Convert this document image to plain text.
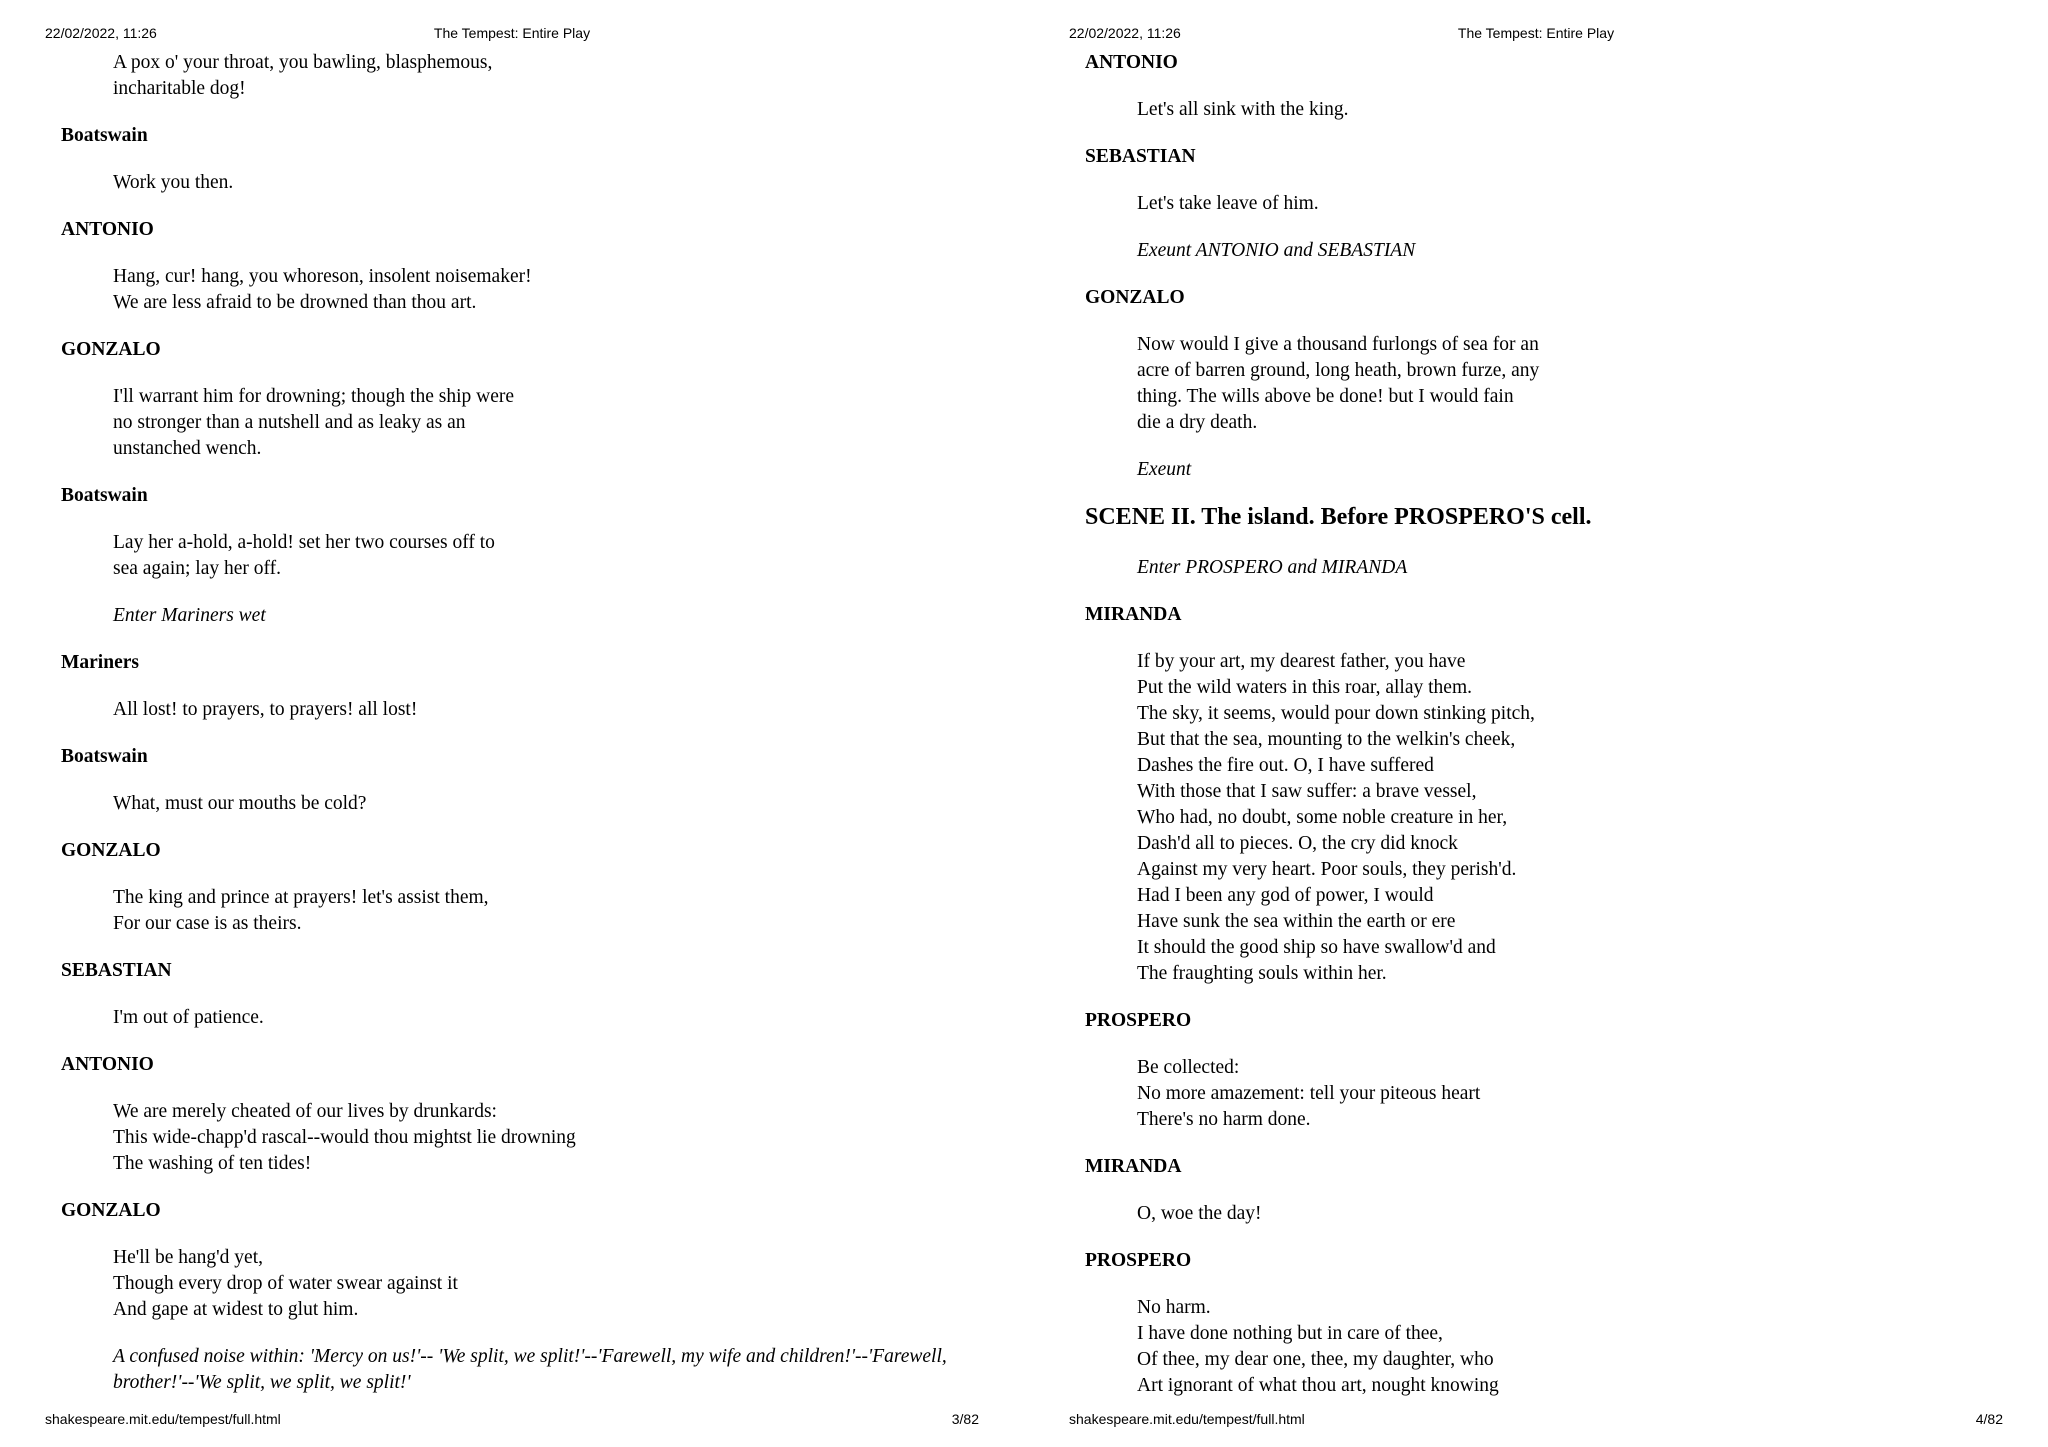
22/02/2022, 11:26	The Tempest: Entire Play
A pox o' your throat, you bawling, blasphemous,
incharitable dog!
Boatswain
Work you then.
ANTONIO
Hang, cur! hang, you whoreson, insolent noisemaker!
We are less afraid to be drowned than thou art.
GONZALO
I'll warrant him for drowning; though the ship were
no stronger than a nutshell and as leaky as an
unstanched wench.
Boatswain
Lay her a-hold, a-hold! set her two courses off to
sea again; lay her off.
Enter Mariners wet
Mariners
All lost! to prayers, to prayers! all lost!
Boatswain
What, must our mouths be cold?
GONZALO
The king and prince at prayers! let's assist them,
For our case is as theirs.
SEBASTIAN
I'm out of patience.
ANTONIO
We are merely cheated of our lives by drunkards:
This wide-chapp'd rascal--would thou mightst lie drowning
The washing of ten tides!
GONZALO
He'll be hang'd yet,
Though every drop of water swear against it
And gape at widest to glut him.
A confused noise within: 'Mercy on us!'-- 'We split, we split!'--'Farewell, my wife and children!'--'Farewell, brother!'--'We split, we split, we split!'
shakespeare.mit.edu/tempest/full.html	3/82
22/02/2022, 11:26	The Tempest: Entire Play
ANTONIO
Let's all sink with the king.
SEBASTIAN
Let's take leave of him.
Exeunt ANTONIO and SEBASTIAN
GONZALO
Now would I give a thousand furlongs of sea for an
acre of barren ground, long heath, brown furze, any
thing. The wills above be done! but I would fain
die a dry death.
Exeunt
SCENE II. The island. Before PROSPERO'S cell.
Enter PROSPERO and MIRANDA
MIRANDA
If by your art, my dearest father, you have
Put the wild waters in this roar, allay them.
The sky, it seems, would pour down stinking pitch,
But that the sea, mounting to the welkin's cheek,
Dashes the fire out. O, I have suffered
With those that I saw suffer: a brave vessel,
Who had, no doubt, some noble creature in her,
Dash'd all to pieces. O, the cry did knock
Against my very heart. Poor souls, they perish'd.
Had I been any god of power, I would
Have sunk the sea within the earth or ere
It should the good ship so have swallow'd and
The fraughting souls within her.
PROSPERO
Be collected:
No more amazement: tell your piteous heart
There's no harm done.
MIRANDA
O, woe the day!
PROSPERO
No harm.
I have done nothing but in care of thee,
Of thee, my dear one, thee, my daughter, who
Art ignorant of what thou art, nought knowing
shakespeare.mit.edu/tempest/full.html	4/82
